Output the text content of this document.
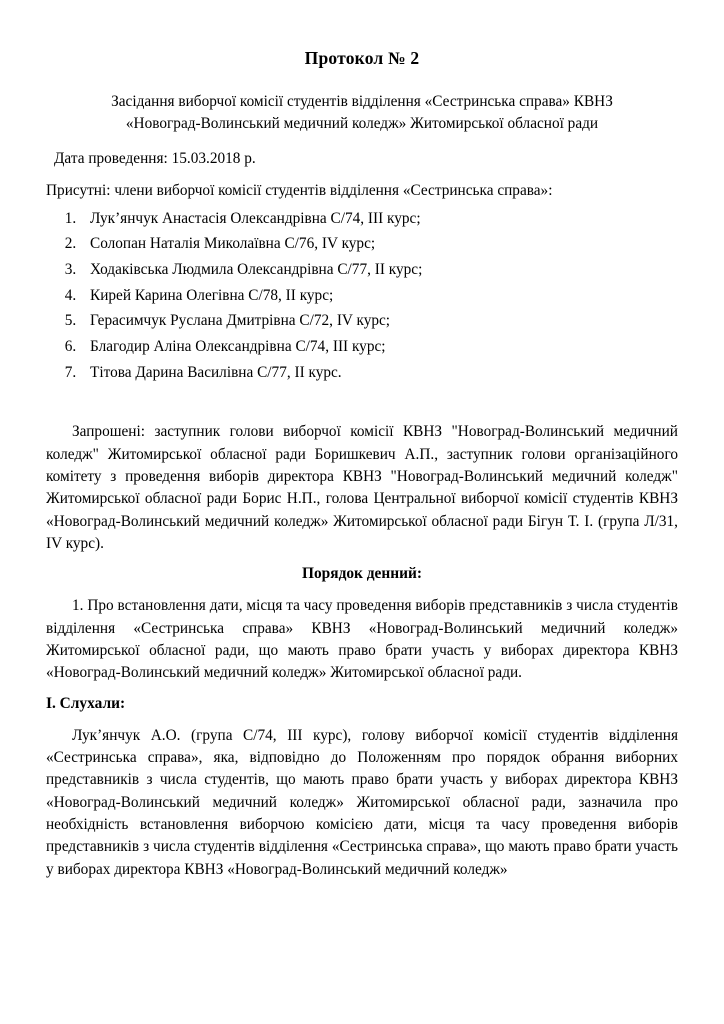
Протокол № 2
Засідання виборчої комісії студентів відділення «Сестринська справа» КВНЗ
«Новоград-Волинський медичний коледж» Житомирської обласної ради

Дата проведення: 15.03.2018 р.

Присутні: члени виборчої комісії студентів відділення «Сестринська справа»:

1. Лук’янчук Анастасія Олександрівна С/74, ІІІ курс;
2. Солопан Наталія Миколаївна С/76, ІV курс;
3. Ходаківська Людмила Олександрівна С/77, ІІ курс;
4. Кирей Карина Олегівна С/78, ІІ курс;
5. Герасимчук Руслана Дмитрівна С/72, ІV курс;
6. Благодир Аліна Олександрівна С/74, ІІІ курс;
7. Тітова Дарина Василівна С/77, ІІ курс.

Запрошені: заступник голови виборчої комісії КВНЗ "Новоград-Волинський медичний коледж" Житомирської обласної ради Боришкевич А.П., заступник голови організаційного комітету з проведення виборів директора КВНЗ "Новоград-Волинський медичний коледж" Житомирської обласної ради Борис Н.П., голова Центральної виборчої комісії студентів КВНЗ «Новоград-Волинський медичний коледж» Житомирської обласної ради Бігун Т. І. (група Л/31, ІV курс).

Порядок денний:

1. Про встановлення дати, місця та часу проведення виборів представників з числа студентів відділення «Сестринська справа» КВНЗ «Новоград-Волинський медичний коледж» Житомирської обласної ради, що мають право брати участь у виборах директора КВНЗ «Новоград-Волинський медичний коледж» Житомирської обласної ради.

І. Слухали:

Лук’янчук А.О. (група С/74, ІІІ курс), голову виборчої комісії студентів відділення «Сестринська справа», яка, відповідно до Положенням про порядок обрання виборних представників з числа студентів, що мають право брати участь у виборах директора КВНЗ «Новоград-Волинський медичний коледж» Житомирської обласної ради, зазначила про необхідність встановлення виборчою комісією дати, місця та часу проведення виборів представників з числа студентів відділення «Сестринська справа», що мають право брати участь у виборах директора КВНЗ «Новоград-Волинський медичний коледж»
